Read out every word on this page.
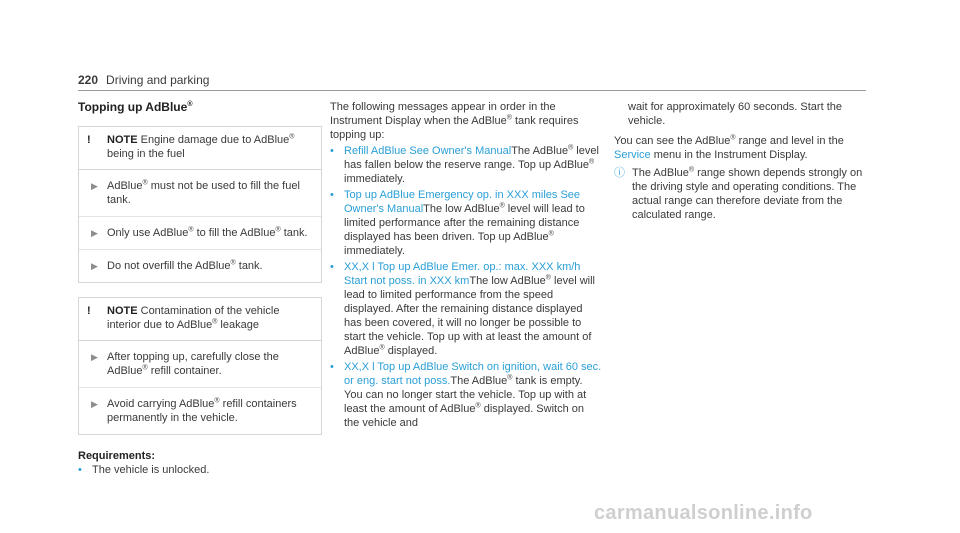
220 Driving and parking
Topping up AdBlue®
!	NOTE Engine damage due to AdBlue® being in the fuel

▶ AdBlue® must not be used to fill the fuel tank.

▶ Only use AdBlue® to fill the AdBlue® tank.

▶ Do not overfill the AdBlue® tank.

!	NOTE Contamination of the vehicle interior due to AdBlue® leakage

▶ After topping up, carefully close the AdBlue® refill container.

▶ Avoid carrying AdBlue® refill containers permanently in the vehicle.

Requirements:
• The vehicle is unlocked.

The following messages appear in order in the Instrument Display when the AdBlue® tank requires topping up:

• Refill AdBlue See Owner's ManualThe AdBlue® level has fallen below the reserve range. Top up AdBlue® immediately.

• Top up AdBlue Emergency op. in XXX miles See Owner's ManualThe low AdBlue® level will lead to limited performance after the remaining distance displayed has been driven. Top up AdBlue® immediately.

• XX,X l Top up AdBlue Emer. op.: max. XXX km/h Start not poss. in XXX kmThe low AdBlue® level will lead to limited performance from the speed displayed. After the remaining distance displayed has been covered, it will no longer be possible to start the vehicle. Top up with at least the amount of AdBlue® displayed.

• XX,X l Top up AdBlue Switch on ignition, wait 60 sec. or eng. start not poss.The AdBlue® tank is empty. You can no longer start the vehicle. Top up with at least the amount of AdBlue® displayed. Switch on the vehicle and

wait for approximately 60 seconds. Start the vehicle.

You can see the AdBlue® range and level in the Service menu in the Instrument Display.

ⓘ The AdBlue® range shown depends strongly on the driving style and operating conditions. The actual range can therefore deviate from the calculated range.

carmanualsonline.info
